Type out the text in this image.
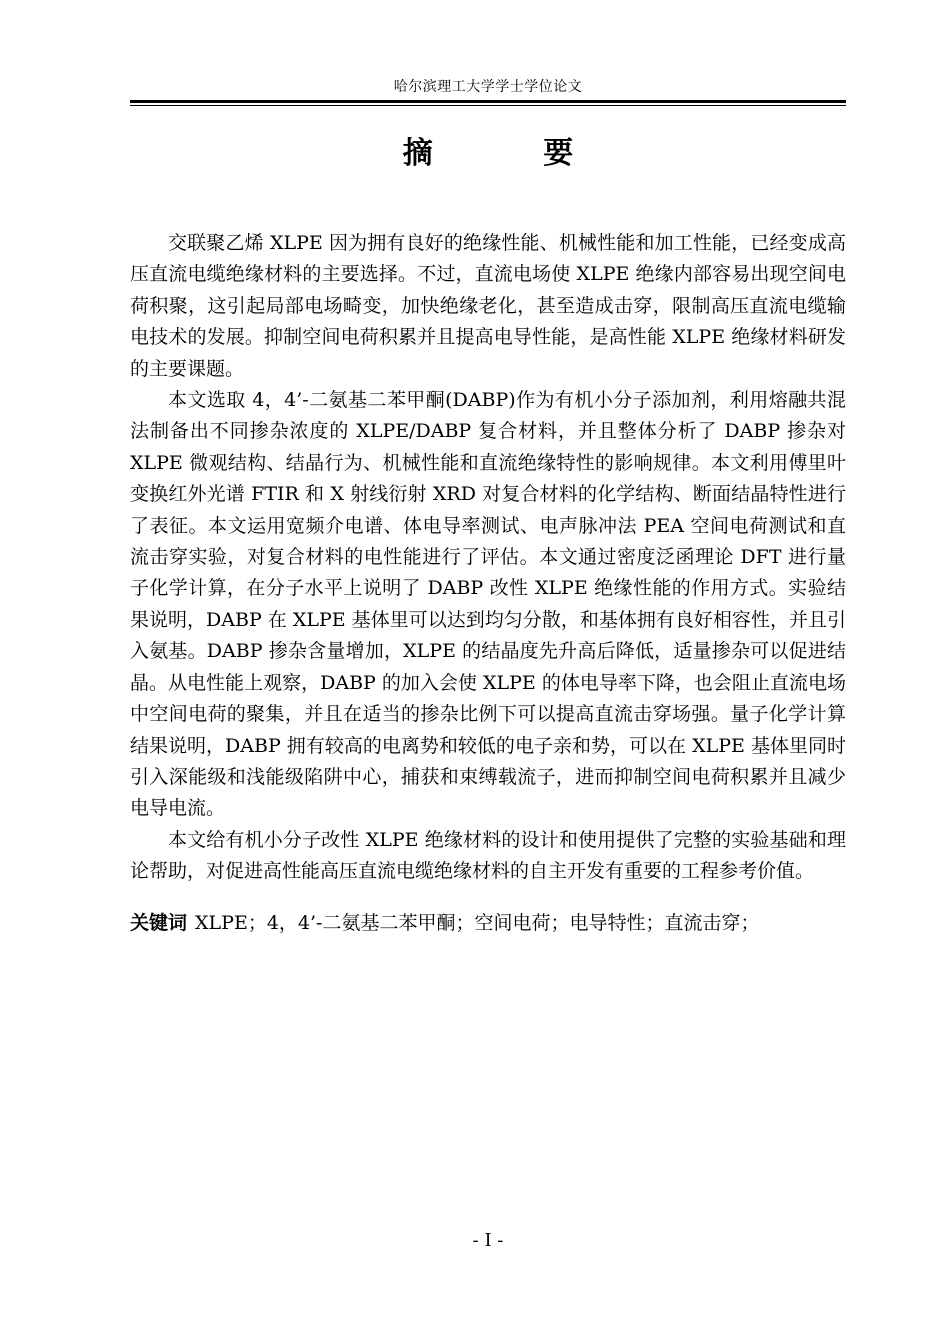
哈尔滨理工大学学士学位论文
摘 要

交联聚乙烯 XLPE 因为拥有良好的绝缘性能、机械性能和加工性能，已经变成高压直流电缆绝缘材料的主要选择。不过，直流电场使 XLPE 绝缘内部容易出现空间电荷积聚，这引起局部电场畸变，加快绝缘老化，甚至造成击穿，限制高压直流电缆输电技术的发展。抑制空间电荷积累并且提高电导性能，是高性能 XLPE 绝缘材料研发的主要课题。

本文选取 4，4’-二氨基二苯甲酮(DABP)作为有机小分子添加剂，利用熔融共混法制备出不同掺杂浓度的 XLPE/DABP 复合材料，并且整体分析了 DABP 掺杂对 XLPE 微观结构、结晶行为、机械性能和直流绝缘特性的影响规律。本文利用傅里叶变换红外光谱 FTIR 和 X 射线衍射 XRD 对复合材料的化学结构、断面结晶特性进行了表征。本文运用宽频介电谱、体电导率测试、电声脉冲法 PEA 空间电荷测试和直流击穿实验，对复合材料的电性能进行了评估。本文通过密度泛函理论 DFT 进行量子化学计算，在分子水平上说明了 DABP 改性 XLPE 绝缘性能的作用方式。实验结果说明，DABP 在 XLPE 基体里可以达到均匀分散，和基体拥有良好相容性，并且引入氨基。DABP 掺杂含量增加，XLPE 的结晶度先升高后降低，适量掺杂可以促进结晶。从电性能上观察，DABP 的加入会使 XLPE 的体电导率下降，也会阻止直流电场中空间电荷的聚集，并且在适当的掺杂比例下可以提高直流击穿场强。量子化学计算结果说明，DABP 拥有较高的电离势和较低的电子亲和势，可以在 XLPE 基体里同时引入深能级和浅能级陷阱中心，捕获和束缚载流子，进而抑制空间电荷积累并且减少电导电流。

本文给有机小分子改性 XLPE 绝缘材料的设计和使用提供了完整的实验基础和理论帮助，对促进高性能高压直流电缆绝缘材料的自主开发有重要的工程参考价值。

关键词 XLPE；4，4’-二氨基二苯甲酮；空间电荷；电导特性；直流击穿；
- I -
